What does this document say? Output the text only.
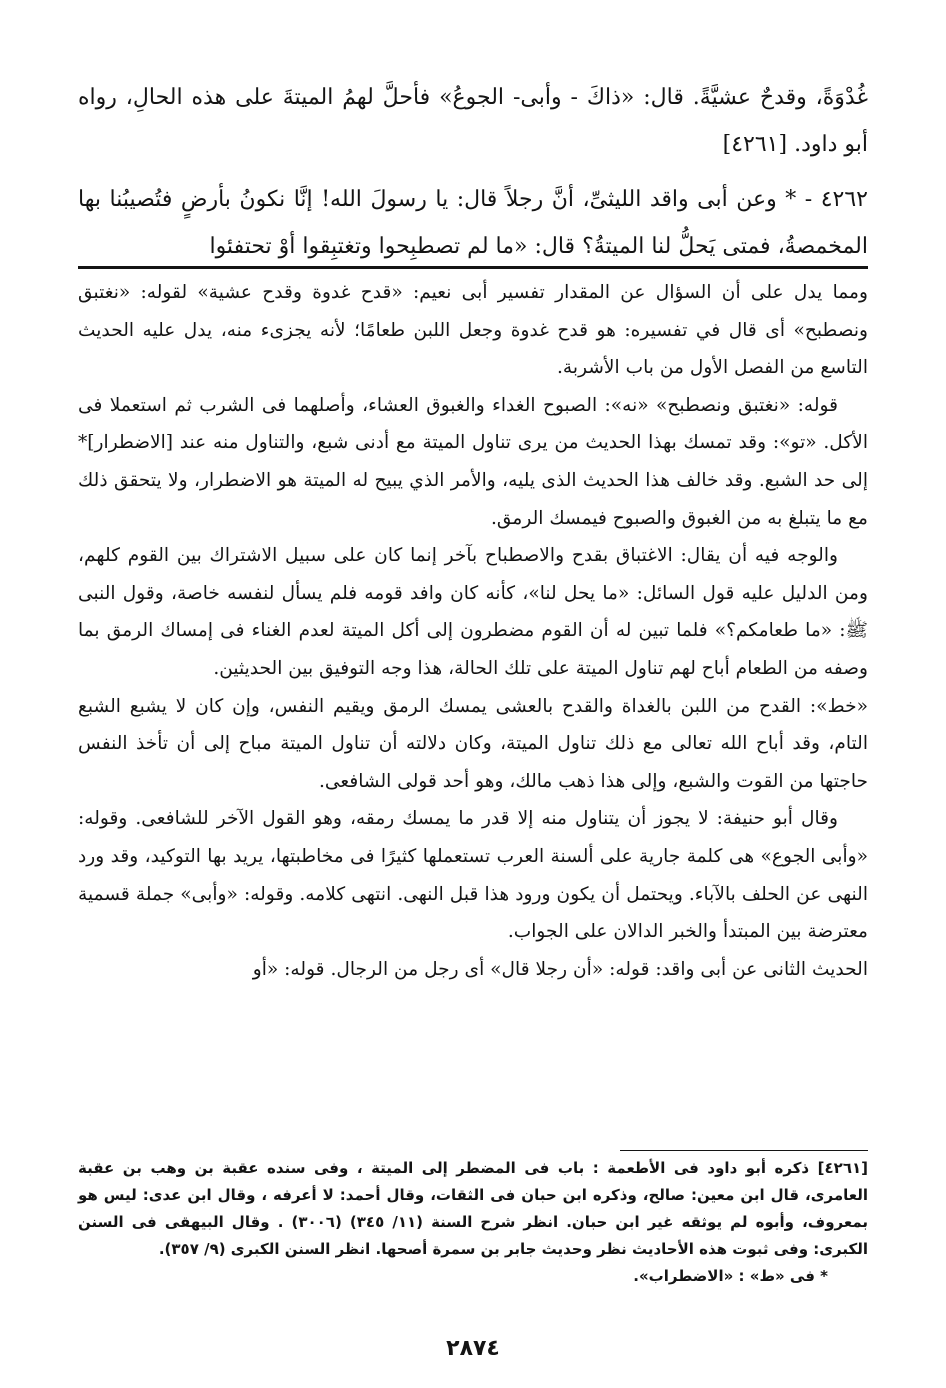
غُدْوَةً، وقدحٌ عشيَّةً. قال: «ذاكَ - وأبى- الجوعُ» فأحلَّ لهمُ الميتةَ على هذه الحالِ، رواه أبو داود. [٤٢٦١]

٤٢٦٢ - * وعن أبى واقد الليثىِّ، أنَّ رجلاً قال: يا رسولَ الله! إنَّا نكونُ بأرضٍ فتُصيبُنا بها المخمصةُ، فمتى يَحلُّ لنا الميتةُ؟ قال: «ما لم تصطبِحوا وتغتبِقوا أوْ تحتفئوا

ومما يدل على أن السؤال عن المقدار تفسير أبى نعيم: «قدح غدوة وقدح عشية» لقوله: «نغتبق ونصطبح» أى قال في تفسيره: هو قدح غدوة وجعل اللبن طعامًا؛ لأنه يجزىء منه، يدل عليه الحديث التاسع من الفصل الأول من باب الأشربة.

قوله: «نغتبق ونصطبح» «نه»: الصبوح الغداء والغبوق العشاء، وأصلهما فى الشرب ثم استعملا فى الأكل. «تو»: وقد تمسك بهذا الحديث من يرى تناول الميتة مع أدنى شبع، والتناول منه عند [الاضطرار]* إلى حد الشبع. وقد خالف هذا الحديث الذى يليه، والأمر الذي يبيح له الميتة هو الاضطرار، ولا يتحقق ذلك مع ما يتبلغ به من الغبوق والصبوح فيمسك الرمق.

والوجه فيه أن يقال: الاغتباق بقدح والاصطباح بآخر إنما كان على سبيل الاشتراك بين القوم كلهم، ومن الدليل عليه قول السائل: «ما يحل لنا»، كأنه كان وافد قومه فلم يسأل لنفسه خاصة، وقول النبى ﷺ: «ما طعامكم؟» فلما تبين له أن القوم مضطرون إلى أكل الميتة لعدم الغناء فى إمساك الرمق بما وصفه من الطعام أباح لهم تناول الميتة على تلك الحالة، هذا وجه التوفيق بين الحديثين.

«خط»: القدح من اللبن بالغداة والقدح بالعشى يمسك الرمق ويقيم النفس، وإن كان لا يشبع الشبع التام، وقد أباح الله تعالى مع ذلك تناول الميتة، وكان دلالته أن تناول الميتة مباح إلى أن تأخذ النفس حاجتها من القوت والشبع، وإلى هذا ذهب مالك، وهو أحد قولى الشافعى.

وقال أبو حنيفة: لا يجوز أن يتناول منه إلا قدر ما يمسك رمقه، وهو القول الآخر للشافعى. وقوله: «وأبى الجوع» هى كلمة جارية على ألسنة العرب تستعملها كثيرًا فى مخاطبتها، يريد بها التوكيد، وقد ورد النهى عن الحلف بالآباء. ويحتمل أن يكون ورود هذا قبل النهى. انتهى كلامه. وقوله: «وأبى» جملة قسمية معترضة بين المبتدأ والخبر الدالان على الجواب.

الحديث الثانى عن أبى واقد: قوله: «أن رجلا قال» أى رجل من الرجال. قوله: «أو

[٤٢٦١] ذكره أبو داود فى الأطعمة : باب فى المضطر إلى الميتة ، وفى سنده عقبة بن وهب بن عقبة العامرى، قال ابن معين: صالح، وذكره ابن حبان فى الثقات، وقال أحمد: لا أعرفه ، وقال ابن عدى: ليس هو بمعروف، وأبوه لم يوثقه غير ابن حبان. انظر شرح السنة (١١/ ٣٤٥) (٣٠٠٦) . وقال البيهقى فى السنن الكبرى: وفى ثبوت هذه الأحاديث نظر وحديث جابر بن سمرة أصحها. انظر السنن الكبرى (٩/ ٣٥٧).

* فى «ط» : «الاضطراب».

٢٨٧٤
